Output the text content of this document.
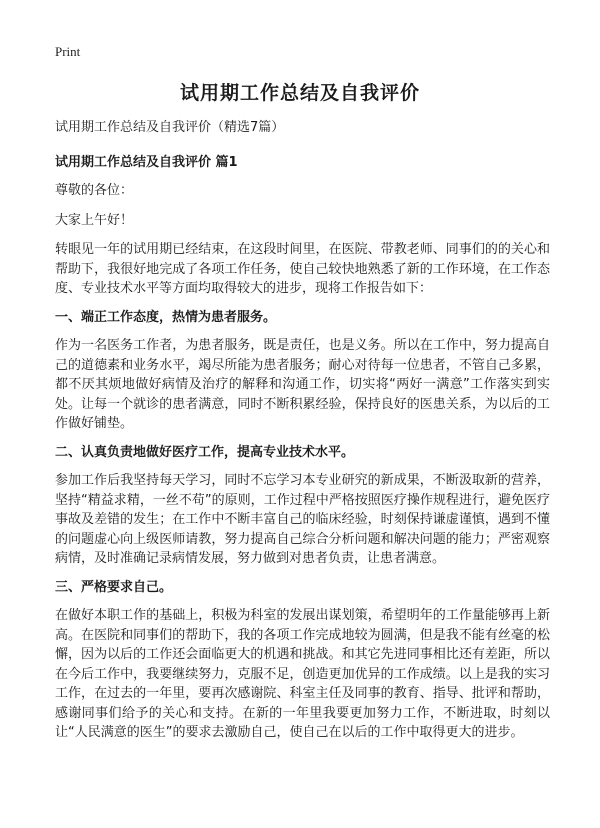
Print
试用期工作总结及自我评价

试用期工作总结及自我评价（精选7篇）

试用期工作总结及自我评价 篇1

尊敬的各位：

大家上午好！

转眼见一年的试用期已经结束，在这段时间里，在医院、带教老师、同事们的的关心和帮助下，我很好地完成了各项工作任务，使自己较快地熟悉了新的工作环境，在工作态度、专业技术水平等方面均取得较大的进步，现将工作报告如下：

一、端正工作态度，热情为患者服务。

作为一名医务工作者，为患者服务，既是责任，也是义务。所以在工作中，努力提高自己的道德素和业务水平，竭尽所能为患者服务；耐心对待每一位患者，不管自己多累，都不厌其烦地做好病情及治疗的解释和沟通工作，切实将“两好一满意”工作落实到实处。让每一个就诊的患者满意，同时不断积累经验，保持良好的医患关系，为以后的工作做好铺垫。

二、认真负责地做好医疗工作，提高专业技术水平。

参加工作后我坚持每天学习，同时不忘学习本专业研究的新成果，不断汲取新的营养，坚持“精益求精，一丝不苟”的原则，工作过程中严格按照医疗操作规程进行，避免医疗事故及差错的发生；在工作中不断丰富自己的临床经验，时刻保持谦虚谨慎，遇到不懂的问题虚心向上级医师请教，努力提高自己综合分析问题和解决问题的能力；严密观察病情，及时准确记录病情发展，努力做到对患者负责，让患者满意。

三、严格要求自己。

在做好本职工作的基础上，积极为科室的发展出谋划策，希望明年的工作量能够再上新高。在医院和同事们的帮助下，我的各项工作完成地较为圆满，但是我不能有丝毫的松懈，因为以后的工作还会面临更大的机遇和挑战。和其它先进同事相比还有差距，所以在今后工作中，我要继续努力，克服不足，创造更加优异的工作成绩。以上是我的实习工作，在过去的一年里，要再次感谢院、科室主任及同事的教育、指导、批评和帮助，感谢同事们给予的关心和支持。在新的一年里我要更加努力工作，不断进取，时刻以让“人民满意的医生”的要求去激励自己，使自己在以后的工作中取得更大的进步。
